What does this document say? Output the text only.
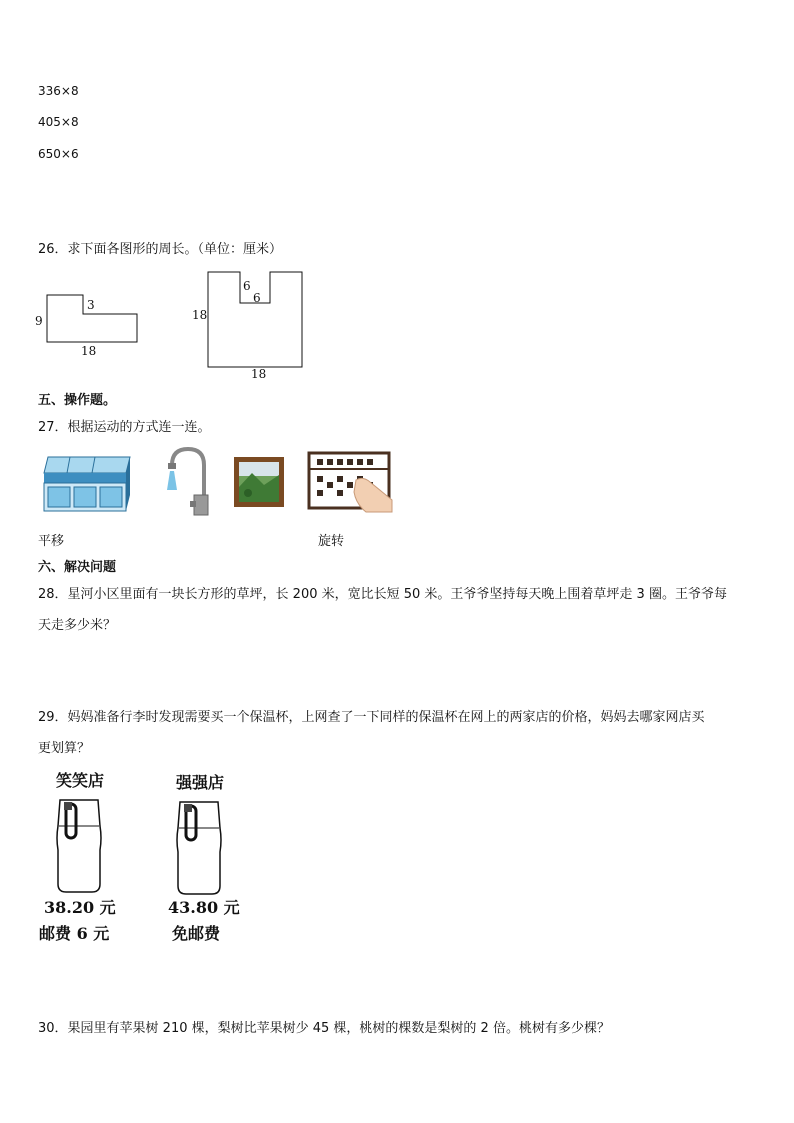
336×8
405×8
650×6
26．求下面各图形的周长。（单位：厘米）
9
3
18
18
6
6
18
五、操作题。
27．根据运动的方式连一连。
平移	旋转
六、解决问题
28．星河小区里面有一块长方形的草坪，长 200 米，宽比长短 50 米。王爷爷坚持每天晚上围着草坪走 3 圈。王爷爷每
天走多少米？
29．妈妈准备行李时发现需要买一个保温杯，上网查了一下同样的保温杯在网上的两家店的价格，妈妈去哪家网店买
更划算？
笑笑店
38.20 元
邮费 6 元
强强店
43.80 元
免邮费
30．果园里有苹果树 210 棵，梨树比苹果树少 45 棵，桃树的棵数是梨树的 2 倍。桃树有多少棵？
